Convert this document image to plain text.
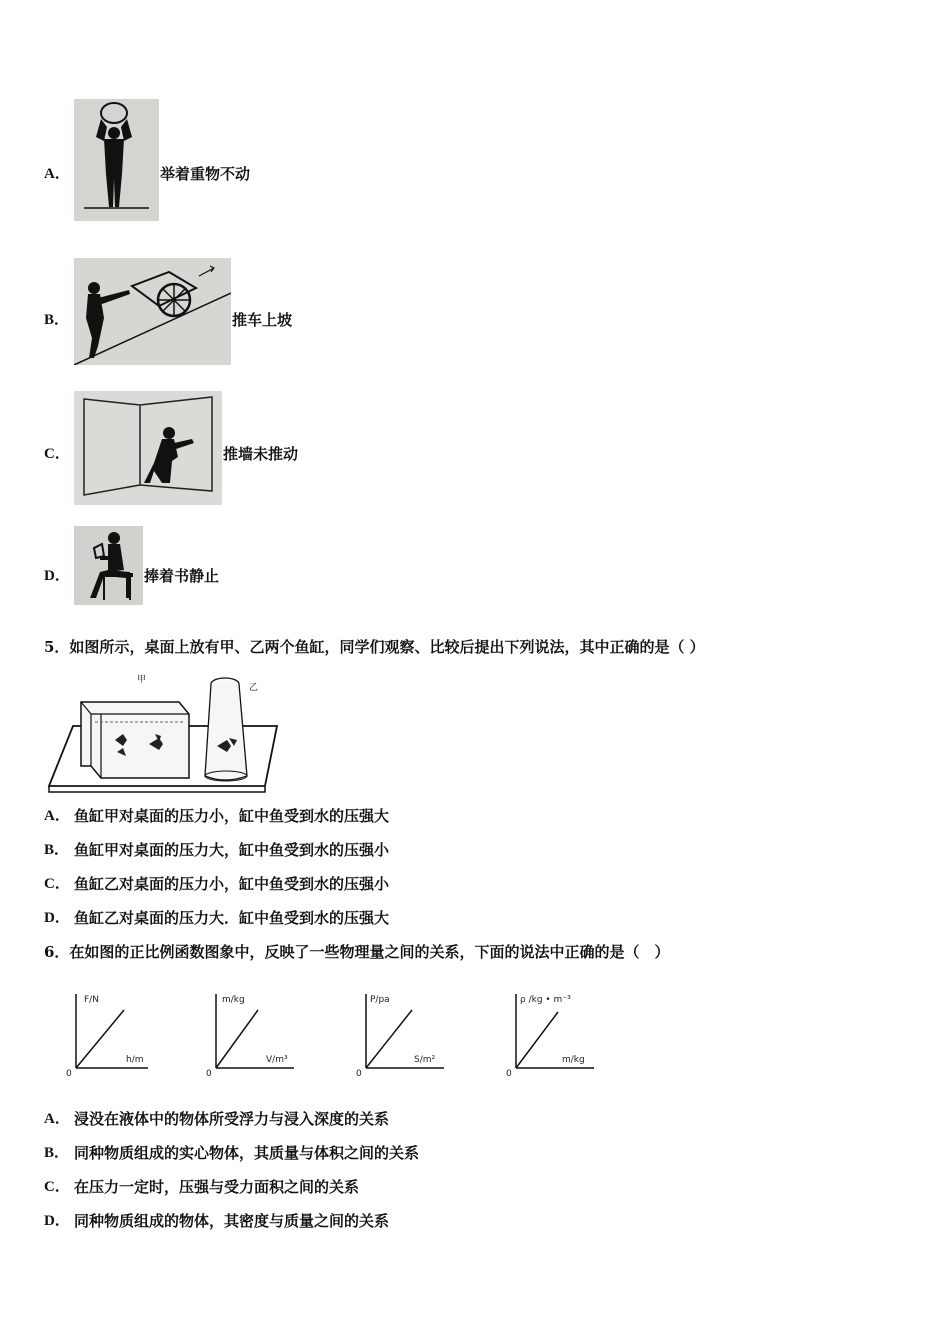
A．	举着重物不动
B．	推车上坡
C．	推墙未推动
D．	捧着书静止
5．如图所示，桌面上放有甲、乙两个鱼缸，同学们观察、比较后提出下列说法，其中正确的是（ ）
甲
乙
A． 鱼缸甲对桌面的压力小，缸中鱼受到水的压强大
B． 鱼缸甲对桌面的压力大，缸中鱼受到水的压强小
C． 鱼缸乙对桌面的压力小，缸中鱼受到水的压强小
D． 鱼缸乙对桌面的压力大．缸中鱼受到水的压强大
6．在如图的正比例函数图象中，反映了一些物理量之间的关系，下面的说法中正确的是（　）
F/N
h/m
0
m/kg
V/m³
0
P/pa
S/m²
0
ρ /kg • m⁻³
m/kg
0
A． 浸没在液体中的物体所受浮力与浸入深度的关系
B． 同种物质组成的实心物体，其质量与体积之间的关系
C． 在压力一定时，压强与受力面积之间的关系
D． 同种物质组成的物体，其密度与质量之间的关系
